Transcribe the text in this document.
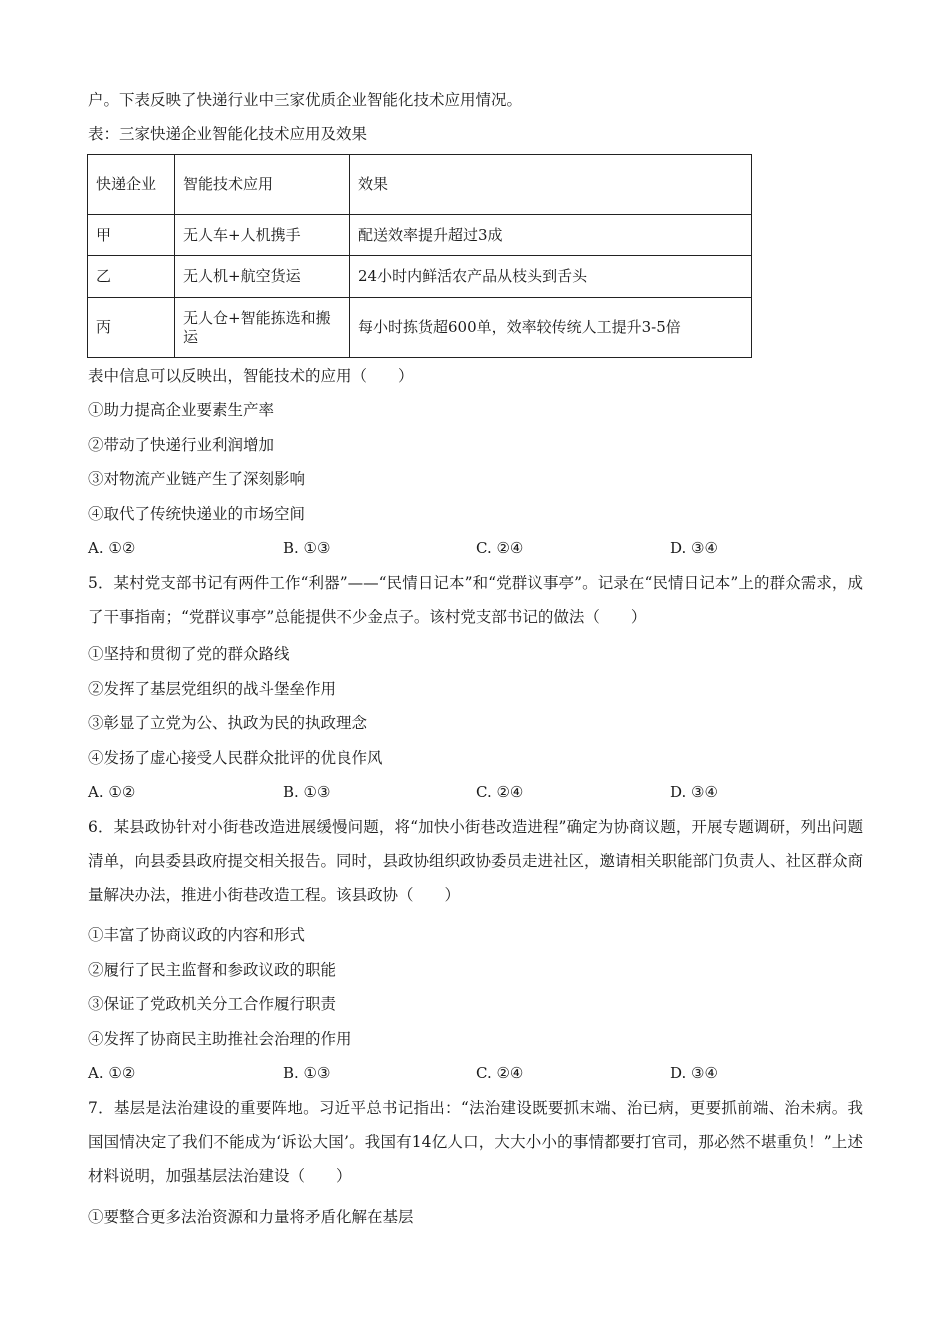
户。下表反映了快递行业中三家优质企业智能化技术应用情况。
表：三家快递企业智能化技术应用及效果
快递企业	智能技术应用	效果
甲	无人车+人机携手	配送效率提升超过3成
乙	无人机+航空货运	24小时内鲜活农产品从枝头到舌头
丙	无人仓+智能拣选和搬运	每小时拣货超600单，效率较传统人工提升3-5倍
表中信息可以反映出，智能技术的应用（　　）
①助力提高企业要素生产率
②带动了快递行业利润增加
③对物流产业链产生了深刻影响
④取代了传统快递业的市场空间
A. ①②	B. ①③	C. ②④	D. ③④
5．某村党支部书记有两件工作“利器”——“民情日记本”和“党群议事亭”。记录在“民情日记本”上的群众需求，成了干事指南；“党群议事亭”总能提供不少金点子。该村党支部书记的做法（　　）
①坚持和贯彻了党的群众路线
②发挥了基层党组织的战斗堡垒作用
③彰显了立党为公、执政为民的执政理念
④发扬了虚心接受人民群众批评的优良作风
A. ①②	B. ①③	C. ②④	D. ③④
6．某县政协针对小街巷改造进展缓慢问题，将“加快小街巷改造进程”确定为协商议题，开展专题调研，列出问题清单，向县委县政府提交相关报告。同时，县政协组织政协委员走进社区，邀请相关职能部门负责人、社区群众商量解决办法，推进小街巷改造工程。该县政协（　　）
①丰富了协商议政的内容和形式
②履行了民主监督和参政议政的职能
③保证了党政机关分工合作履行职责
④发挥了协商民主助推社会治理的作用
A. ①②	B. ①③	C. ②④	D. ③④
7．基层是法治建设的重要阵地。习近平总书记指出：“法治建设既要抓末端、治已病，更要抓前端、治未病。我国国情决定了我们不能成为‘诉讼大国’。我国有14亿人口，大大小小的事情都要打官司，那必然不堪重负！”上述材料说明，加强基层法治建设（　　）
①要整合更多法治资源和力量将矛盾化解在基层
